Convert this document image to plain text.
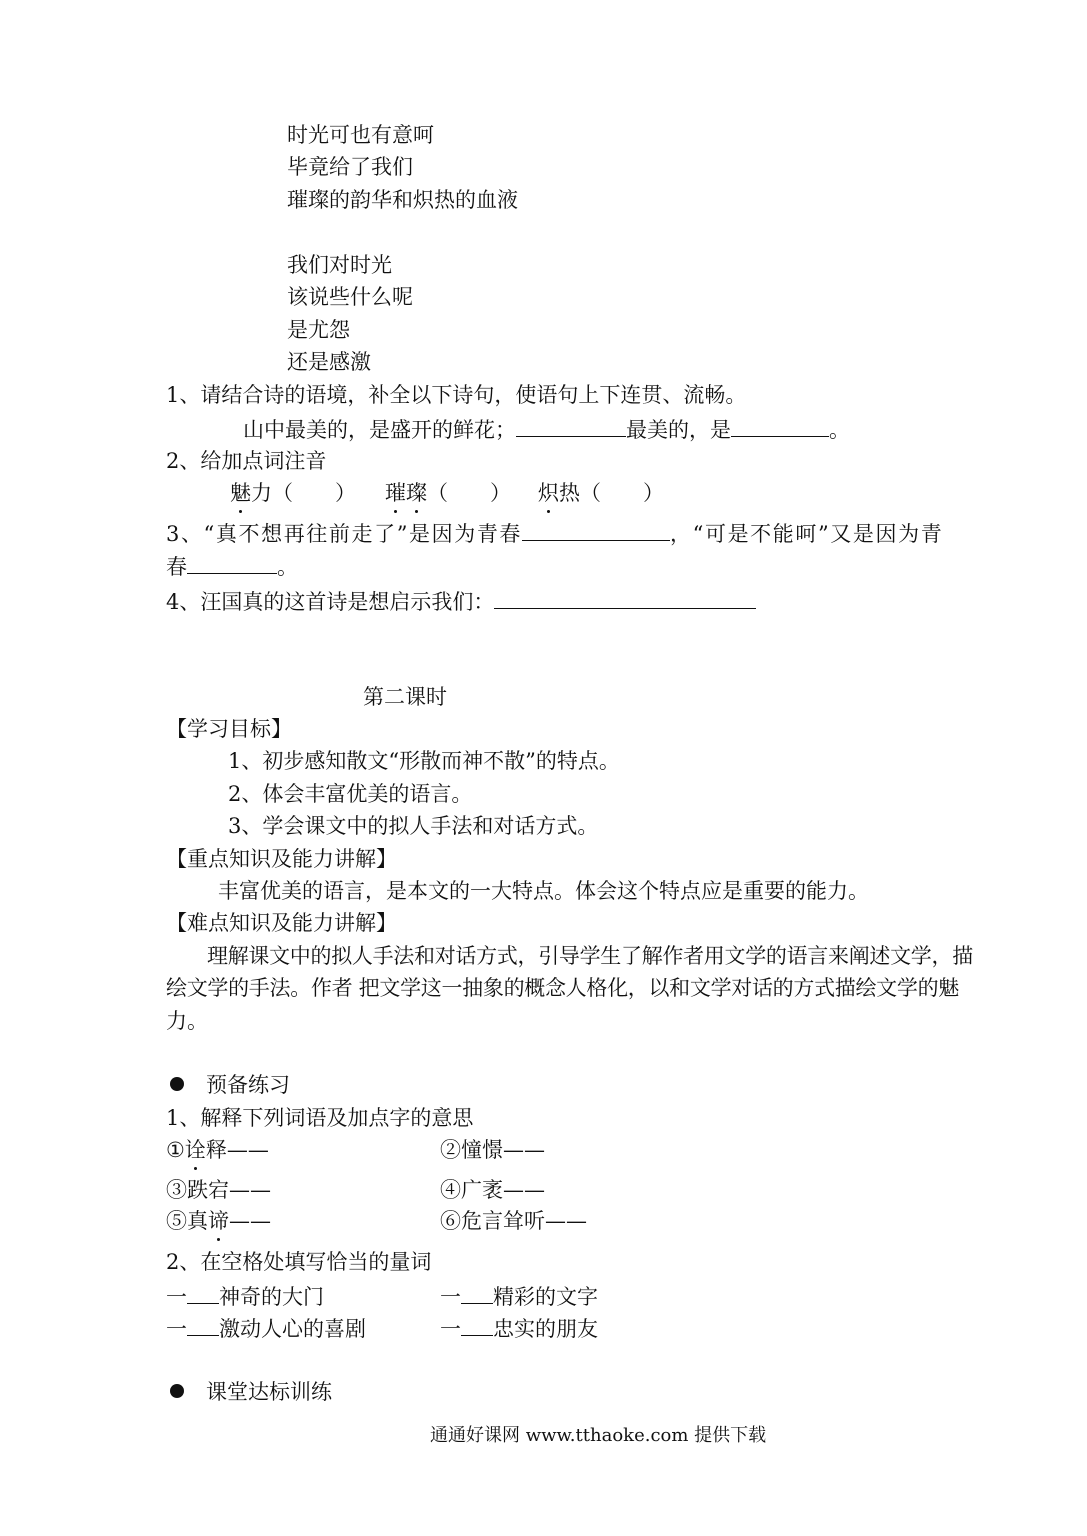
时光可也有意呵
毕竟给了我们
璀璨的韵华和炽热的血液
我们对时光
该说些什么呢
是尤怨
还是感激
1、请结合诗的语境，补全以下诗句，使语句上下连贯、流畅。
山中最美的，是盛开的鲜花；	最美的，是	。
2、给加点词注音
魅力（　　） 璀璨（　　） 炽热（　　）
3、“真不想再往前走了”是因为青春	，“可是不能呵”又是因为青
春	。
4、汪国真的这首诗是想启示我们：
第二课时
【学习目标】
1、初步感知散文“形散而神不散”的特点。
2、体会丰富优美的语言。
3、学会课文中的拟人手法和对话方式。
【重点知识及能力讲解】
丰富优美的语言，是本文的一大特点。体会这个特点应是重要的能力。
【难点知识及能力讲解】
理解课文中的拟人手法和对话方式，引导学生了解作者用文学的语言来阐述文学，描
绘文学的手法。作者 把文学这一抽象的概念人格化，以和文学对话的方式描绘文学的魅
力。
预备练习
1、解释下列词语及加点字的意思
①诠释——	②憧憬——
③跌宕——	④广袤——
⑤真谛——	⑥危言耸听——
2、在空格处填写恰当的量词
一 神奇的大门	一 精彩的文字
一 激动人心的喜剧	一 忠实的朋友
课堂达标训练
通通好课网 www.tthaoke.com 提供下载
